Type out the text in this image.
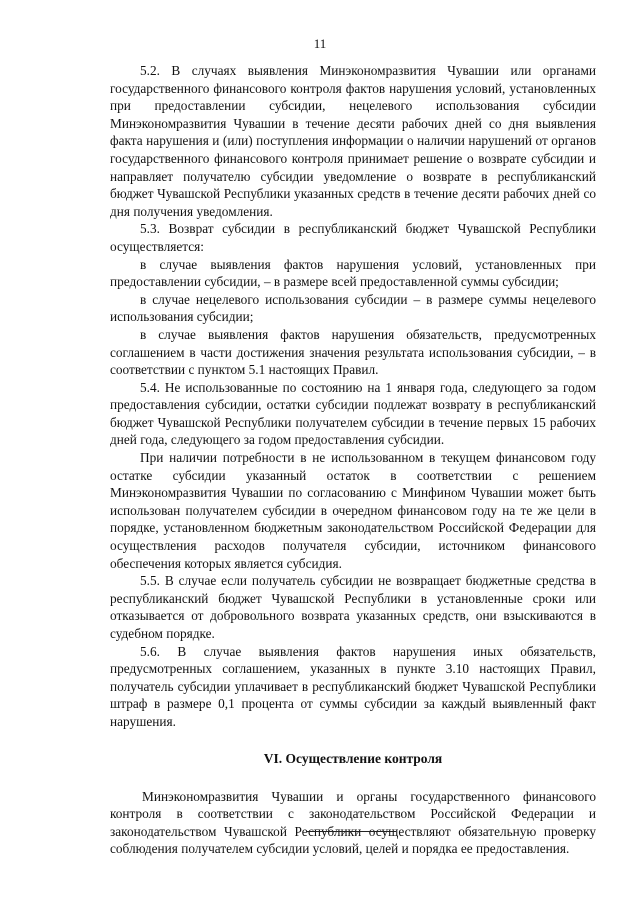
11

5.2. В случаях выявления Минэкономразвития Чувашии или органами государственного финансового контроля фактов нарушения условий, установленных при предоставлении субсидии, нецелевого использования субсидии Минэкономразвития Чувашии в течение десяти рабочих дней со дня выявления факта нарушения и (или) поступления информации о наличии нарушений от органов государственного финансового контроля принимает решение о возврате субсидии и направляет получателю субсидии уведомление о возврате в республиканский бюджет Чувашской Республики указанных средств в течение десяти рабочих дней со дня получения уведомления.

5.3. Возврат субсидии в республиканский бюджет Чувашской Республики осуществляется:

в случае выявления фактов нарушения условий, установленных при предоставлении субсидии, – в размере всей предоставленной суммы субсидии;

в случае нецелевого использования субсидии – в размере суммы нецелевого использования субсидии;

в случае выявления фактов нарушения обязательств, предусмотренных соглашением в части достижения значения результата использования субсидии, – в соответствии с пунктом 5.1 настоящих Правил.

5.4. Не использованные по состоянию на 1 января года, следующего за годом предоставления субсидии, остатки субсидии подлежат возврату в республиканский бюджет Чувашской Республики получателем субсидии в течение первых 15 рабочих дней года, следующего за годом предоставления субсидии.

При наличии потребности в не использованном в текущем финансовом году остатке субсидии указанный остаток в соответствии с решением Минэкономразвития Чувашии по согласованию с Минфином Чувашии может быть использован получателем субсидии в очередном финансовом году на те же цели в порядке, установленном бюджетным законодательством Российской Федерации для осуществления расходов получателя субсидии, источником финансового обеспечения которых является субсидия.

5.5. В случае если получатель субсидии не возвращает бюджетные средства в республиканский бюджет Чувашской Республики в установленные сроки или отказывается от добровольного возврата указанных средств, они взыскиваются в судебном порядке.

5.6. В случае выявления фактов нарушения иных обязательств, предусмотренных соглашением, указанных в пункте 3.10 настоящих Правил, получатель субсидии уплачивает в республиканский бюджет Чувашской Республики штраф в размере 0,1 процента от суммы субсидии за каждый выявленный факт нарушения.

VI. Осуществление контроля

Минэкономразвития Чувашии и органы государственного финансового контроля в соответствии с законодательством Российской Федерации и законодательством Чувашской Республики осуществляют обязательную проверку соблюдения получателем субсидии условий, целей и порядка ее предоставления.
